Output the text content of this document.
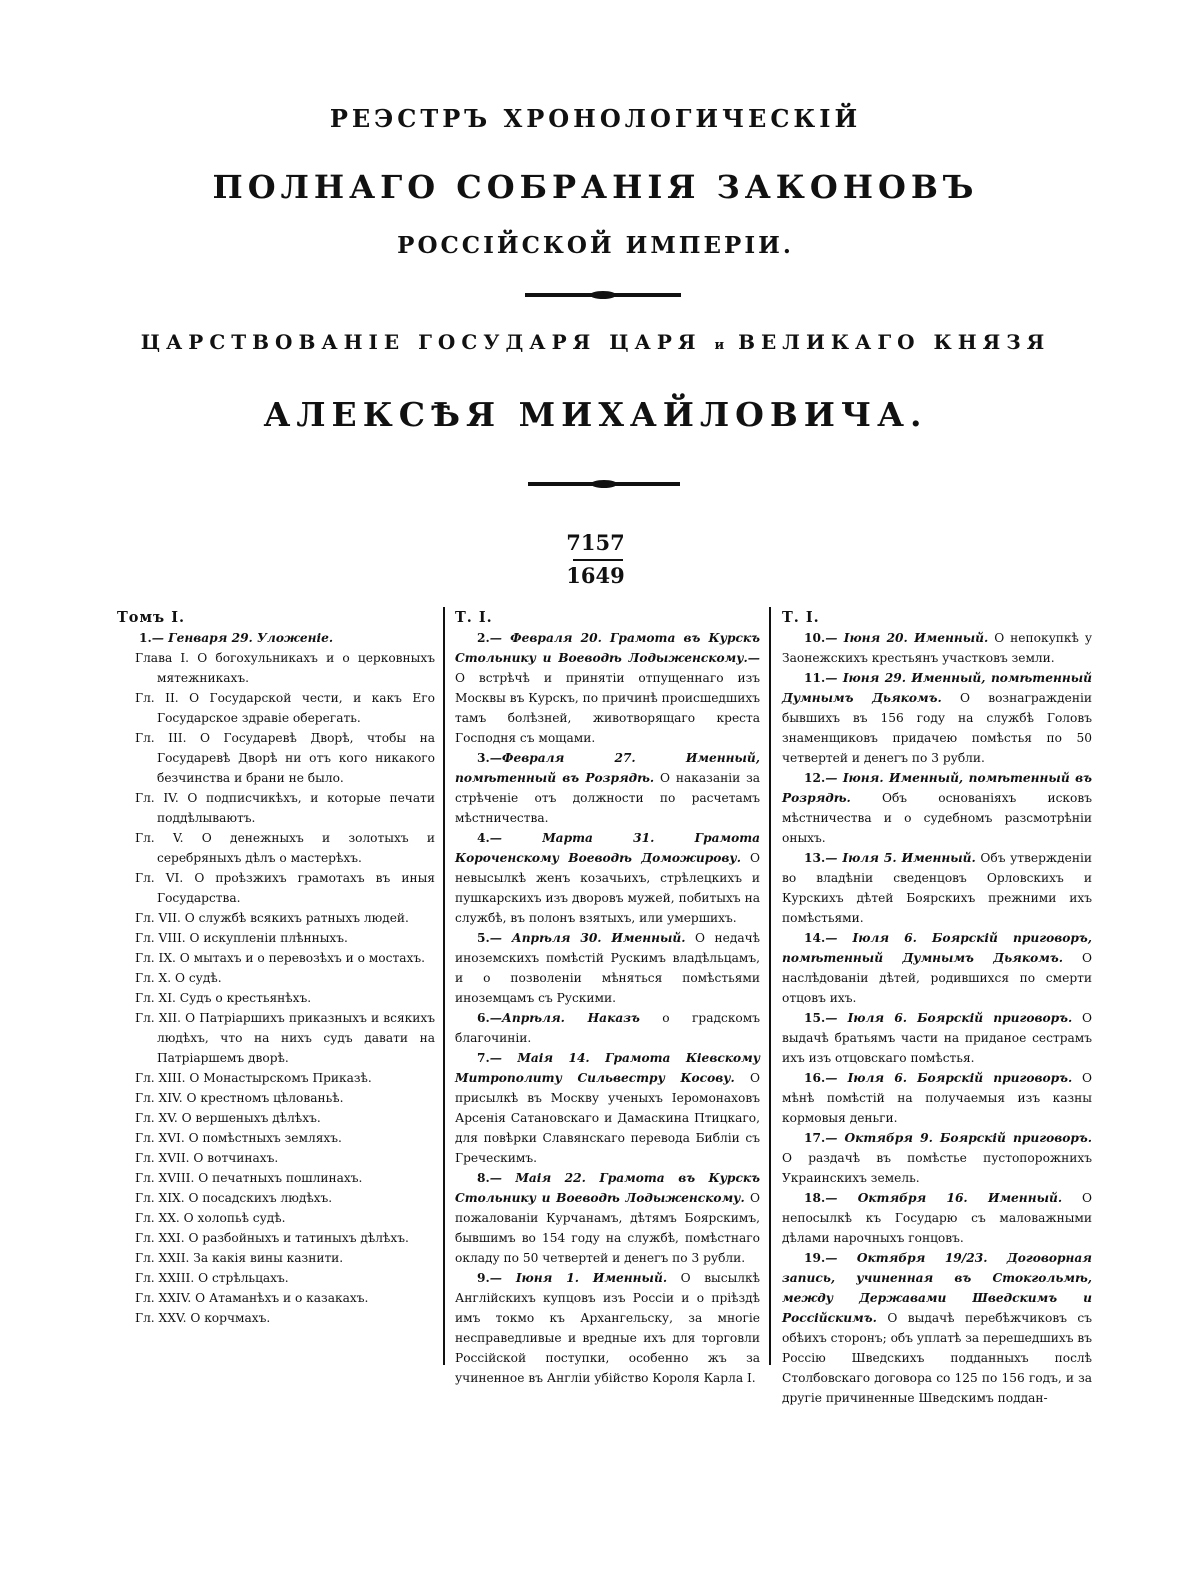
РЕЭСТРЪ ХРОНОЛОГИЧЕСКІЙ
ПОЛНАГО СОБРАНІЯ ЗАКОНОВЪ
РОССІЙСКОЙ ИМПЕРІИ.
ЦАРСТВОВАНІЕ ГОСУДАРЯ ЦАРЯ и ВЕЛИКАГО КНЯЗЯ
АЛЕКСѢЯ МИХАЙЛОВИЧА.
7157
1649
Томъ I.

1.— Генваря 29. Уложеніе.

Глава I. О богохульникахъ и о церковныхъ мятежникахъ.

Гл. II. О Государской чести, и какъ Его Государское здравіе оберегать.

Гл. III. О Государевѣ Дворѣ, чтобы на Государевѣ Дворѣ ни отъ кого никакого безчинства и брани не было.

Гл. IV. О подписчикѣхъ, и которые печати поддѣлываютъ.

Гл. V. О денежныхъ и золотыхъ и серебряныхъ дѣлъ о мастерѣхъ.

Гл. VI. О проѣзжихъ грамотахъ въ иныя Государства.

Гл. VII. О службѣ всякихъ ратныхъ людей.

Гл. VIII. О искупленіи плѣнныхъ.

Гл. IX. О мытахъ и о перевозѣхъ и о мостахъ.

Гл. X. О судѣ.

Гл. XI. Судъ о крестьянѣхъ.

Гл. XII. О Патріаршихъ приказныхъ и всякихъ людѣхъ, что на нихъ судъ давати на Патріаршемъ дворѣ.

Гл. XIII. О Монастырскомъ Приказѣ.

Гл. XIV. О крестномъ цѣлованьѣ.

Гл. XV. О вершеныхъ дѣлѣхъ.

Гл. XVI. О помѣстныхъ земляхъ.

Гл. XVII. О вотчинахъ.

Гл. XVIII. О печатныхъ пошлинахъ.

Гл. XIX. О посадскихъ людѣхъ.

Гл. XX. О холопьѣ судѣ.

Гл. XXI. О разбойныхъ и татиныхъ дѣлѣхъ.

Гл. XXII. За какія вины казнити.

Гл. XXIII. О стрѣльцахъ.

Гл. XXIV. О Атаманѣхъ и о казакахъ.

Гл. XXV. О корчмахъ.

Т. I.

2.— Февраля 20. Грамота въ Курскъ Стольнику и Воеводѣ Лодыженскому.— О встрѣчѣ и принятіи отпущеннаго изъ Москвы въ Курскъ, по причинѣ происшедшихъ тамъ болѣзней, животворящаго креста Господня съ мощами.

3.—Февраля 27. Именный, помѣтенный въ Розрядѣ. О наказаніи за стрѣченіе отъ должности по расчетамъ мѣстничества.

4.— Марта 31. Грамота Короченскому Воеводѣ Доможирову. О невысылкѣ женъ козачьихъ, стрѣлецкихъ и пушкарскихъ изъ дворовъ мужей, побитыхъ на службѣ, въ полонъ взятыхъ, или умершихъ.

5.— Апрѣля 30. Именный. О недачѣ иноземскихъ помѣстій Рускимъ владѣльцамъ, и о позволеніи мѣняться помѣстьями иноземцамъ съ Рускими.

6.—Апрѣля. Наказъ о градскомъ благочиніи.

7.— Маія 14. Грамота Кіевскому Митрополиту Сильвестру Косову. О присылкѣ въ Москву ученыхъ Іеромонаховъ Арсенія Сатановскаго и Дамаскина Птицкаго, для повѣрки Славянскаго перевода Библіи съ Греческимъ.

8.— Маія 22. Грамота въ Курскъ Стольнику и Воеводѣ Лодыженскому. О пожалованіи Курчанамъ, дѣтямъ Боярскимъ, бывшимъ во 154 году на службѣ, помѣстнаго окладу по 50 четвертей и денегъ по 3 рубли.

9.— Іюня 1. Именный. О высылкѣ Англійскихъ купцовъ изъ Россіи и о пріѣздѣ имъ токмо къ Архангельску, за многіе несправедливые и вредные ихъ для торговли Россійской поступки, особенно жъ за учиненное въ Англіи убійство Короля Карла I.

Т. I.

10.— Іюня 20. Именный. О непокупкѣ у Заонежскихъ крестьянъ участковъ земли.

11.— Іюня 29. Именный, помѣтенный Думнымъ Дьякомъ. О вознагражденіи бывшихъ въ 156 году на службѣ Головъ знаменщиковъ придачею помѣстья по 50 четвертей и денегъ по 3 рубли.

12.— Іюня. Именный, помѣтенный въ Розрядѣ. Объ основаніяхъ исковъ мѣстничества и о судебномъ разсмотрѣніи оныхъ.

13.— Іюля 5. Именный. Объ утвержденіи во владѣніи сведенцовъ Орловскихъ и Курскихъ дѣтей Боярскихъ прежними ихъ помѣстьями.

14.— Іюля 6. Боярскій приговоръ, помѣтенный Думнымъ Дьякомъ. О наслѣдованіи дѣтей, родившихся по смерти отцовъ ихъ.

15.— Іюля 6. Боярскій приговоръ. О выдачѣ братьямъ части на приданое сестрамъ ихъ изъ отцовскаго помѣстья.

16.— Іюля 6. Боярскій приговоръ. О мѣнѣ помѣстій на получаемыя изъ казны кормовыя деньги.

17.— Октября 9. Боярскій приговоръ. О раздачѣ въ помѣстье пустопорожнихъ Украинскихъ земель.

18.— Октября 16. Именный. О непосылкѣ къ Государю съ маловажными дѣлами нарочныхъ гонцовъ.

19.— Октября 19/23. Договорная запись, учиненная въ Стокгольмѣ, между Державами Шведскимъ и Россійскимъ. О выдачѣ перебѣжчиковъ съ обѣихъ сторонъ; объ уплатѣ за перешедшихъ въ Россію Шведскихъ подданныхъ послѣ Столбовскаго договора со 125 по 156 годъ, и за другіе причиненные Шведскимъ поддан-
